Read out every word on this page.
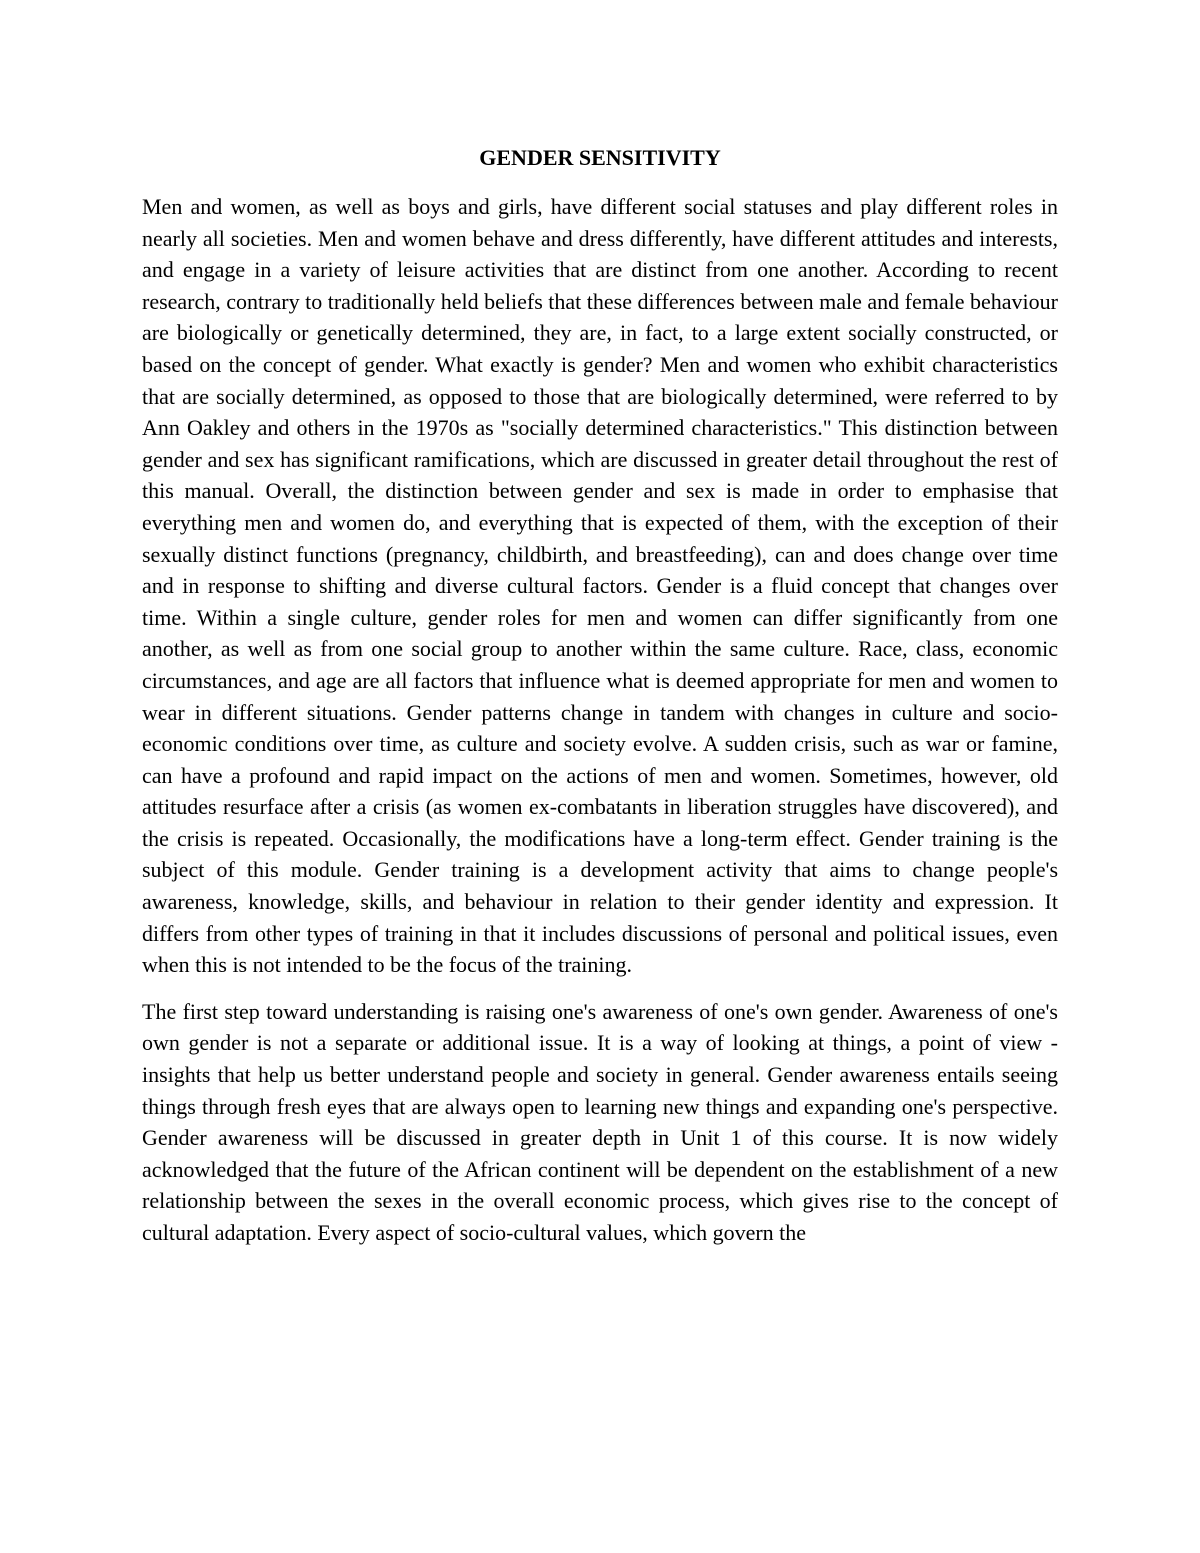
GENDER SENSITIVITY

Men and women, as well as boys and girls, have different social statuses and play different roles in nearly all societies. Men and women behave and dress differently, have different attitudes and interests, and engage in a variety of leisure activities that are distinct from one another. According to recent research, contrary to traditionally held beliefs that these differences between male and female behaviour are biologically or genetically determined, they are, in fact, to a large extent socially constructed, or based on the concept of gender. What exactly is gender? Men and women who exhibit characteristics that are socially determined, as opposed to those that are biologically determined, were referred to by Ann Oakley and others in the 1970s as "socially determined characteristics." This distinction between gender and sex has significant ramifications, which are discussed in greater detail throughout the rest of this manual. Overall, the distinction between gender and sex is made in order to emphasise that everything men and women do, and everything that is expected of them, with the exception of their sexually distinct functions (pregnancy, childbirth, and breastfeeding), can and does change over time and in response to shifting and diverse cultural factors. Gender is a fluid concept that changes over time. Within a single culture, gender roles for men and women can differ significantly from one another, as well as from one social group to another within the same culture. Race, class, economic circumstances, and age are all factors that influence what is deemed appropriate for men and women to wear in different situations. Gender patterns change in tandem with changes in culture and socio-economic conditions over time, as culture and society evolve. A sudden crisis, such as war or famine, can have a profound and rapid impact on the actions of men and women. Sometimes, however, old attitudes resurface after a crisis (as women ex-combatants in liberation struggles have discovered), and the crisis is repeated. Occasionally, the modifications have a long-term effect. Gender training is the subject of this module. Gender training is a development activity that aims to change people's awareness, knowledge, skills, and behaviour in relation to their gender identity and expression. It differs from other types of training in that it includes discussions of personal and political issues, even when this is not intended to be the focus of the training.

The first step toward understanding is raising one's awareness of one's own gender. Awareness of one's own gender is not a separate or additional issue. It is a way of looking at things, a point of view - insights that help us better understand people and society in general. Gender awareness entails seeing things through fresh eyes that are always open to learning new things and expanding one's perspective. Gender awareness will be discussed in greater depth in Unit 1 of this course. It is now widely acknowledged that the future of the African continent will be dependent on the establishment of a new relationship between the sexes in the overall economic process, which gives rise to the concept of cultural adaptation. Every aspect of socio-cultural values, which govern the
